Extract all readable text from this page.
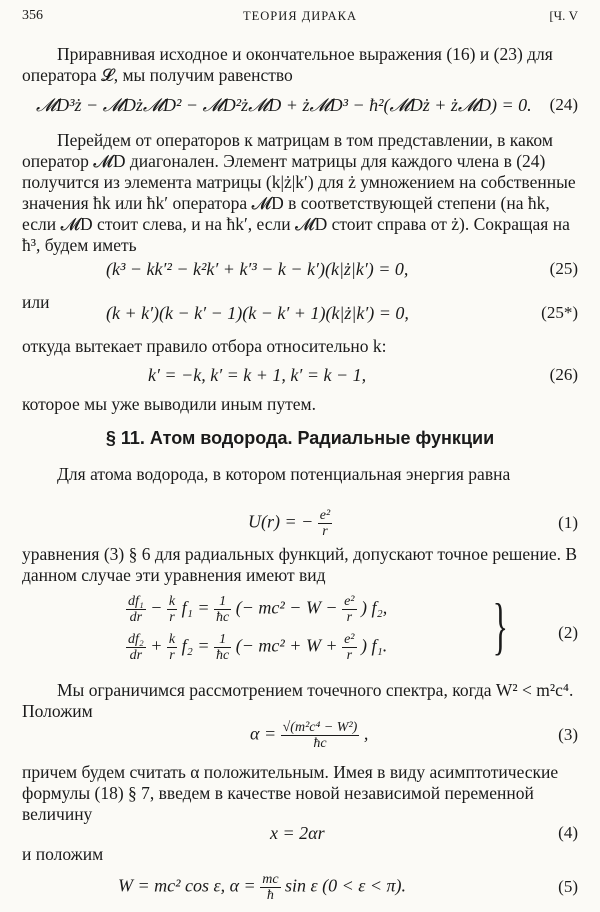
356	ТЕОРИЯ ДИРАКА	[Ч. V
Приравнивая исходное и окончательное выражения (16) и (23) для оператора 𝓛, мы получим равенство
𝓜D³ż − 𝓜Dż𝓜D² − 𝓜D²ż𝓜D + ż𝓜D³ − ħ²(𝓜Dż + ż𝓜D) = 0. (24)
Перейдем от операторов к матрицам в том представлении, в каком оператор 𝓜D диагонален. Элемент матрицы для каждого члена в (24) получится из элемента матрицы (k|ż|k′) для ż умножением на собственные значения ħk или ħk′ оператора 𝓜D в соответствующей степени (на ħk, если 𝓜D стоит слева, и на ħk′, если 𝓜D стоит справа от ż). Сокращая на ħ³, будем иметь
(k³ − kk′² − k²k′ + k′³ − k − k′)(k|ż|k′) = 0,	(25)
или
(k + k′)(k − k′ − 1)(k − k′ + 1)(k|ż|k′) = 0,	(25*)
откуда вытекает правило отбора относительно k:
k′ = −k, k′ = k + 1, k′ = k − 1,	(26)
которое мы уже выводили иным путем.
§ 11. Атом водорода. Радиальные функции
Для атома водорода, в котором потенциальная энергия равна
U(r) = − $\frac{\text{e²}}{r}$	(1)
уравнения (3) § 6 для радиальных функций, допускают точное решение. В данном случае эти уравнения имеют вид
$\frac{\text{df₁}}{dr} - \frac{k}{r} f_1 = \frac{1}{ħc}$ (− $mc^2 - W - \frac{\text{e²}}{r}$ ) f₂,
$\frac{\text{df₂}}{dr} + \frac{k}{r} f_2 = \frac{1}{ħc}$ (− $mc^2 + W + \frac{\text{e²}}{r}$ ) f₁. }	(2)
Мы ограничимся рассмотрением точечного спектра, когда W² < m²c⁴. Положим
$\alpha = \frac{\text{√(m²c⁴ − W²)}}{ħc}$ ,	(3)
причем будем считать α положительным. Имея в виду асимптотические формулы (18) § 7, введем в качестве новой независимой переменной величину
x = 2αr	(4)
и положим
W = mc² cos ε, $\alpha = \frac{mc}{ħ}$ sin ε (0 < ε < π).	(5)
